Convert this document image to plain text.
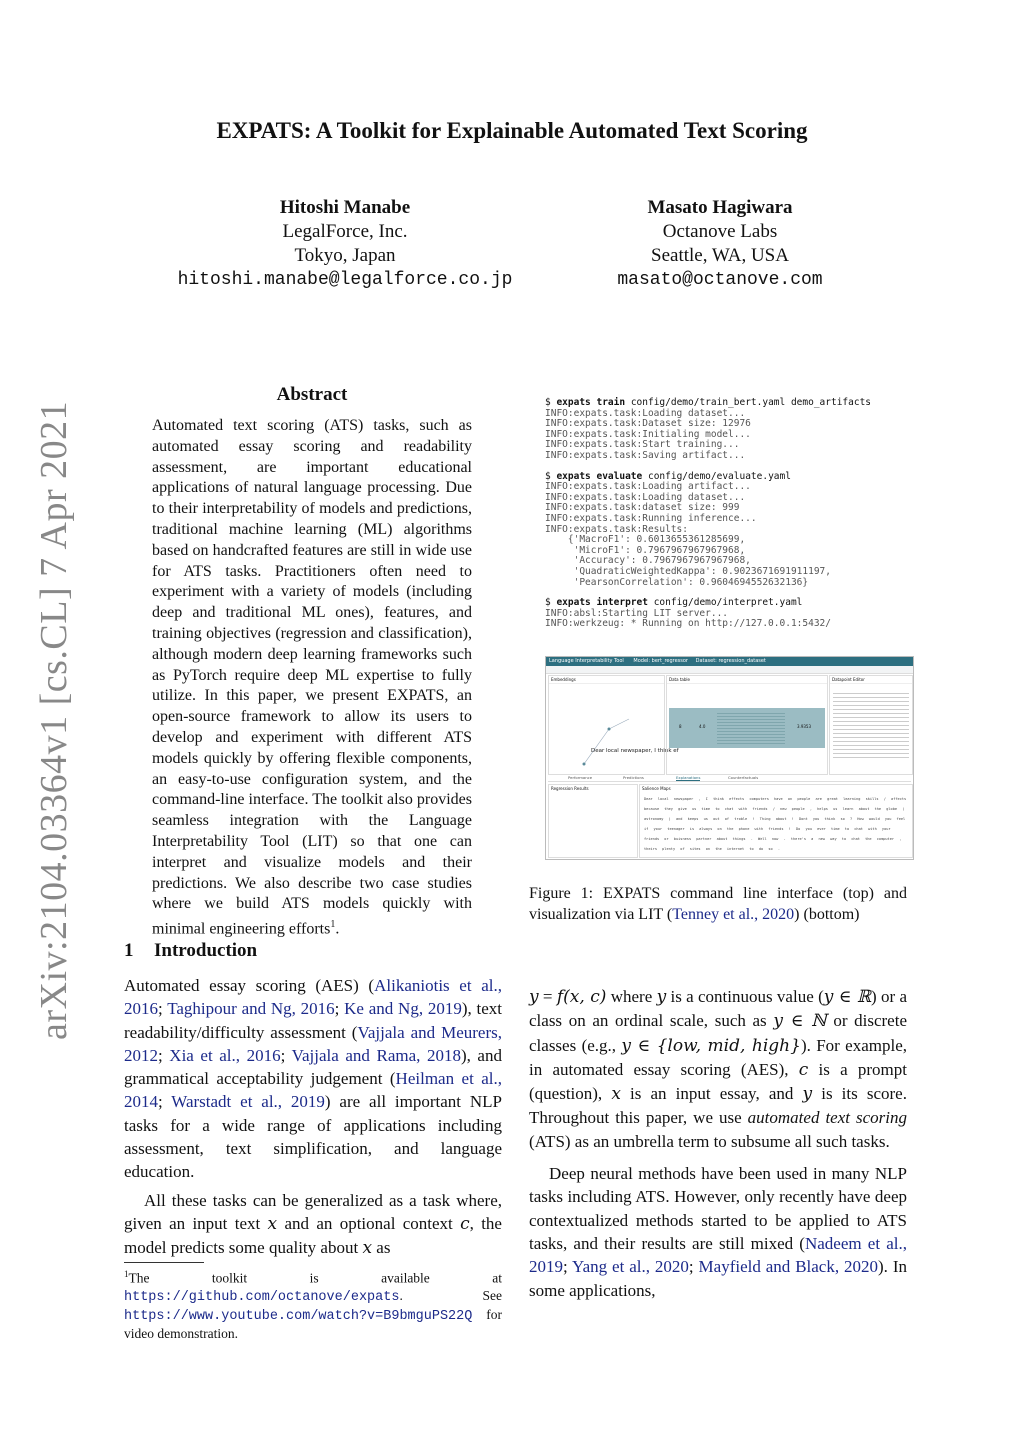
EXPATS: A Toolkit for Explainable Automated Text Scoring
Hitoshi Manabe
LegalForce, Inc.
Tokyo, Japan
hitoshi.manabe@legalforce.co.jp
Masato Hagiwara
Octanove Labs
Seattle, WA, USA
masato@octanove.com
arXiv:2104.03364v1 [cs.CL] 7 Apr 2021
Abstract
Automated text scoring (ATS) tasks, such as automated essay scoring and readability assessment, are important educational applications of natural language processing. Due to their interpretability of models and predictions, traditional machine learning (ML) algorithms based on handcrafted features are still in wide use for ATS tasks. Practitioners often need to experiment with a variety of models (including deep and traditional ML ones), features, and training objectives (regression and classification), although modern deep learning frameworks such as PyTorch require deep ML expertise to fully utilize. In this paper, we present EXPATS, an open-source framework to allow its users to develop and experiment with different ATS models quickly by offering flexible components, an easy-to-use configuration system, and the command-line interface. The toolkit also provides seamless integration with the Language Interpretability Tool (LIT) so that one can interpret and visualize models and their predictions. We also describe two case studies where we build ATS models quickly with minimal engineering efforts$^1$.
1 Introduction

Automated essay scoring (AES) (Alikaniotis et al., 2016; Taghipour and Ng, 2016; Ke and Ng, 2019), text readability/difficulty assessment (Vajjala and Meurers, 2012; Xia et al., 2016; Vajjala and Rama, 2018), and grammatical acceptability judgement (Heilman et al., 2014; Warstadt et al., 2019) are all important NLP tasks for a wide range of applications including assessment, text simplification, and language education.

All these tasks can be generalized as a task where, given an input text x and an optional context c, the model predicts some quality about x as

$^1$The toolkit is available at https://github.com/octanove/expats. See https://www.youtube.com/watch?v=B9bmguPS22Q for video demonstration.
$ expats train config/demo/train_bert.yaml demo_artifacts
INFO:expats.task:Loading dataset...
INFO:expats.task:Dataset size: 12976
INFO:expats.task:Initialing model...
INFO:expats.task:Start training...
INFO:expats.task:Saving artifact...
$ expats evaluate config/demo/evaluate.yaml
INFO:expats.task:Loading artifact...
INFO:expats.task:Loading dataset...
INFO:expats.task:dataset size: 999
INFO:expats.task:Running inference...
INFO:expats.task:Results:
{'MacroF1': 0.6013655361285699,
'MicroF1': 0.7967967967967968,
'Accuracy': 0.7967967967967968,
'QuadraticWeightedKappa': 0.9023671691911197,
'PearsonCorrelation': 0.9604694552632136}
$ expats interpret config/demo/interpret.yaml
INFO:absl:Starting LIT server...
INFO:werkzeug: * Running on http://127.0.0.1:5432/
Language Interpretability Tool Model: bert_regressor Dataset: regression_dataset
Embeddings
Dear local newspaper, I think ef
Data table
8	4.0	3.9353
Datapoint Editor
Performance	Predictions	Explanations	Counterfactuals
Regression Results	Salience Maps
Dear local newspaper , I think effects computers have on people are great learning skills / affects because they give us time to chat with friends / new people , helps us learn about the globe ( astronomy ) and keeps us out of troble ! Thing about ! Dont you think so ? How would you feel if your teenager is always on the phone with friends ! Do you ever time to chat with your friends or buisness partner about things . Well now - there's a new way to chat the computer , theirs plenty of sites on the internet to do so .
Figure 1: EXPATS command line interface (top) and visualization via LIT (Tenney et al., 2020) (bottom)

y = f(x, c) where y is a continuous value (y ∈ ℝ) or a class on an ordinal scale, such as y ∈ ℕ or discrete classes (e.g., y ∈ {low, mid, high}). For example, in automated essay scoring (AES), c is a prompt (question), x is an input essay, and y is its score. Throughout this paper, we use automated text scoring (ATS) as an umbrella term to subsume all such tasks.

Deep neural methods have been used in many NLP tasks including ATS. However, only recently have deep contextualized methods started to be applied to ATS tasks, and their results are still mixed (Nadeem et al., 2019; Yang et al., 2020; Mayfield and Black, 2020). In some applications,
